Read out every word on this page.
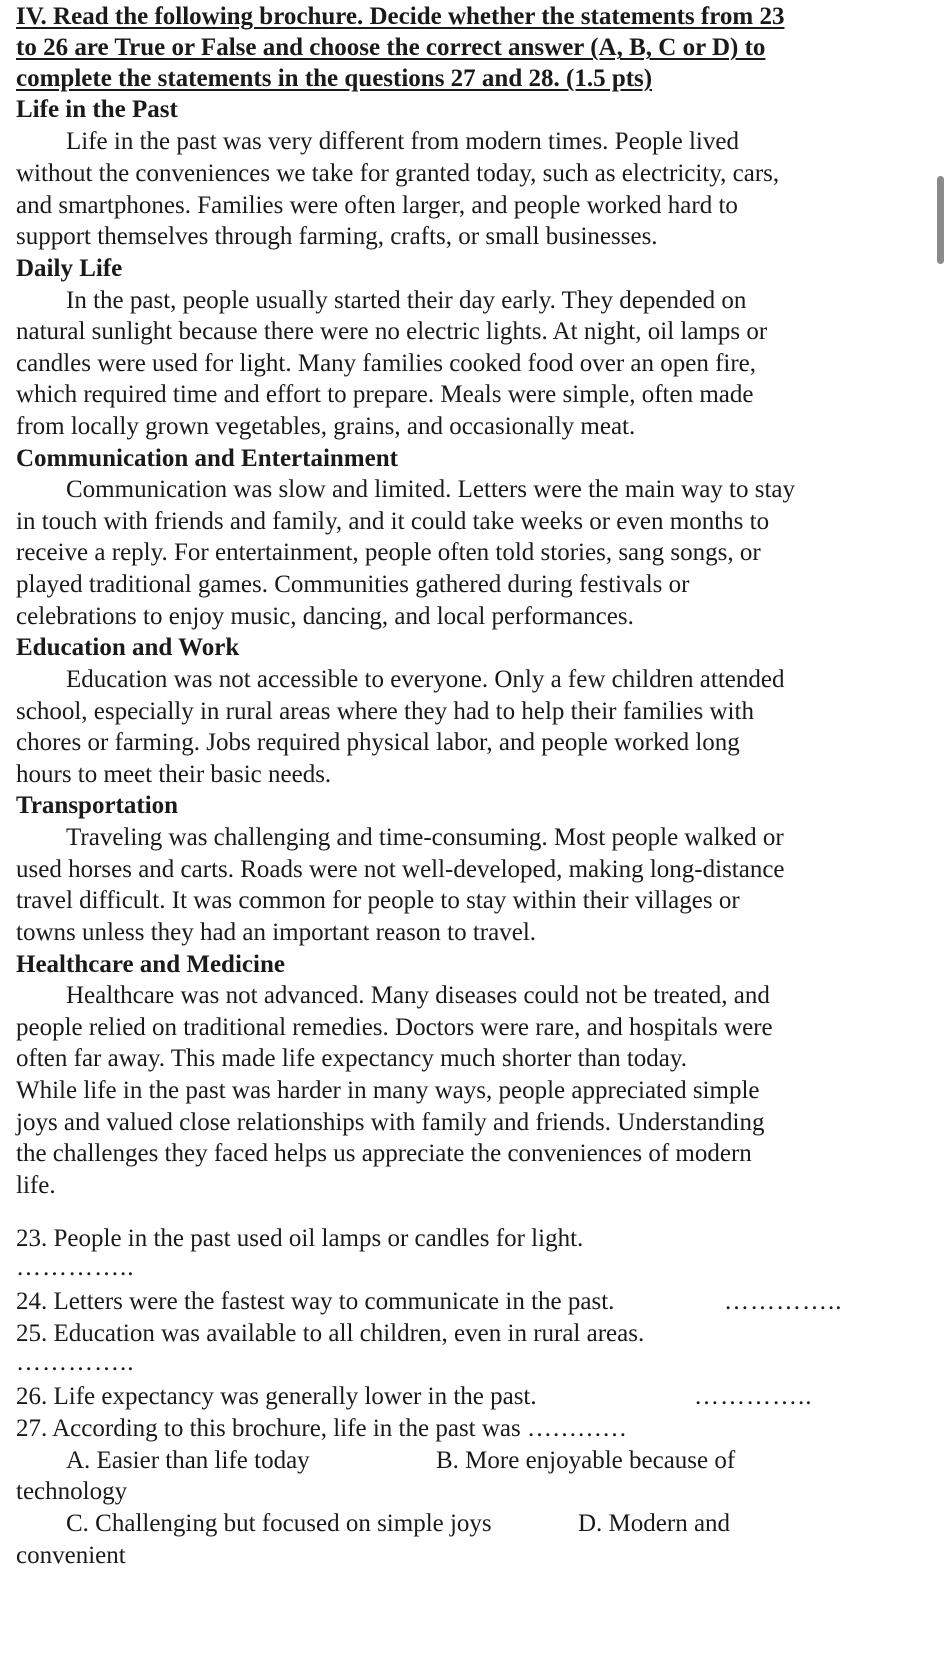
IV. Read the following brochure. Decide whether the statements from 23
to 26 are True or False and choose the correct answer (A, B, C or D) to
complete the statements in the questions 27 and 28. (1.5 pts)
Life in the Past
Life in the past was very different from modern times. People lived
without the conveniences we take for granted today, such as electricity, cars,
and smartphones. Families were often larger, and people worked hard to
support themselves through farming, crafts, or small businesses.
Daily Life
In the past, people usually started their day early. They depended on
natural sunlight because there were no electric lights. At night, oil lamps or
candles were used for light. Many families cooked food over an open fire,
which required time and effort to prepare. Meals were simple, often made
from locally grown vegetables, grains, and occasionally meat.
Communication and Entertainment
Communication was slow and limited. Letters were the main way to stay
in touch with friends and family, and it could take weeks or even months to
receive a reply. For entertainment, people often told stories, sang songs, or
played traditional games. Communities gathered during festivals or
celebrations to enjoy music, dancing, and local performances.
Education and Work
Education was not accessible to everyone. Only a few children attended
school, especially in rural areas where they had to help their families with
chores or farming. Jobs required physical labor, and people worked long
hours to meet their basic needs.
Transportation
Traveling was challenging and time-consuming. Most people walked or
used horses and carts. Roads were not well-developed, making long-distance
travel difficult. It was common for people to stay within their villages or
towns unless they had an important reason to travel.
Healthcare and Medicine
Healthcare was not advanced. Many diseases could not be treated, and
people relied on traditional remedies. Doctors were rare, and hospitals were
often far away. This made life expectancy much shorter than today.
While life in the past was harder in many ways, people appreciated simple
joys and valued close relationships with family and friends. Understanding
the challenges they faced helps us appreciate the conveniences of modern
life.
23. People in the past used oil lamps or candles for light.
…………..
24. Letters were the fastest way to communicate in the past.	…………..
25. Education was available to all children, even in rural areas.
…………..
26. Life expectancy was generally lower in the past.	…………..
27. According to this brochure, life in the past was …………
A. Easier than life today	B. More enjoyable because of
technology
C. Challenging but focused on simple joys	D. Modern and
convenient
